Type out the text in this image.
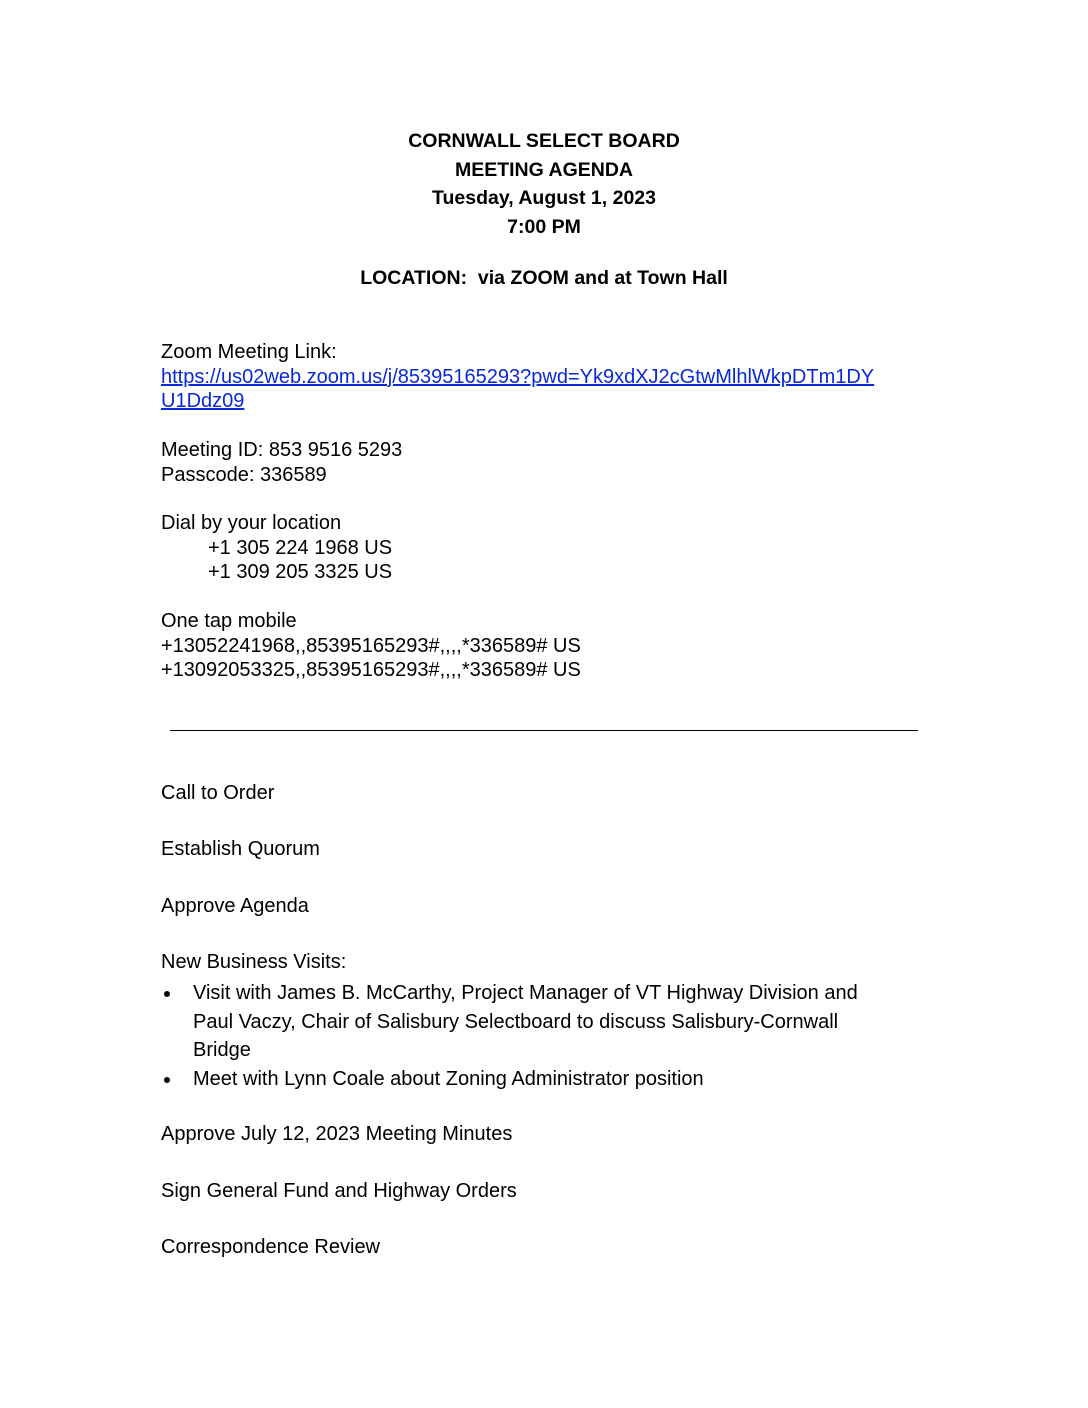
CORNWALL SELECT BOARD
MEETING AGENDA
Tuesday, August 1, 2023
7:00 PM
LOCATION:  via ZOOM and at Town Hall
Zoom Meeting Link:
https://us02web.zoom.us/j/85395165293?pwd=Yk9xdXJ2cGtwMlhlWkpDTm1DY
U1Ddz09
Meeting ID: 853 9516 5293
Passcode: 336589
Dial by your location
+1 305 224 1968 US
+1 309 205 3325 US
One tap mobile
+13052241968,,85395165293#,,,,*336589# US
+13092053325,,85395165293#,,,,*336589# US
Call to Order
Establish Quorum
Approve Agenda
New Business Visits:
Visit with James B. McCarthy, Project Manager of VT Highway Division and
Paul Vaczy, Chair of Salisbury Selectboard to discuss Salisbury-Cornwall
Bridge
Meet with Lynn Coale about Zoning Administrator position
Approve July 12, 2023 Meeting Minutes
Sign General Fund and Highway Orders
Correspondence Review
